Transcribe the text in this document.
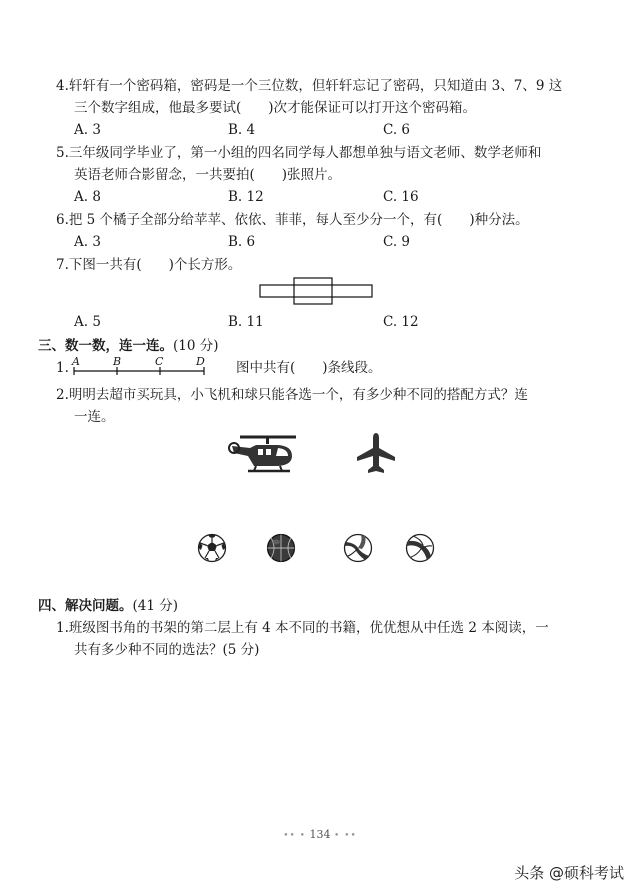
4.轩轩有一个密码箱，密码是一个三位数，但轩轩忘记了密码，只知道由 3、7、9 这
三个数字组成，他最多要试(　　)次才能保证可以打开这个密码箱。
A. 3	B. 4	C. 6
5.三年级同学毕业了，第一小组的四名同学每人都想单独与语文老师、数学老师和
英语老师合影留念，一共要拍(　　)张照片。
A. 8	B. 12	C. 16
6.把 5 个橘子全部分给苹苹、依依、菲菲，每人至少分一个，有(　　)种分法。
A. 3	B. 6	C. 9
7.下图一共有(　　)个长方形。
A. 5	B. 11	C. 12
三、数一数，连一连。(10 分)
1. A	B	C	D 图中共有(　　)条线段。
2.明明去超市买玩具，小飞机和球只能各选一个，有多少种不同的搭配方式？连
一连。
四、解决问题。(41 分)
1.班级图书角的书架的第二层上有 4 本不同的书籍，优优想从中任选 2 本阅读，一
共有多少种不同的选法？(5 分)
•• • 134 • ••
头条 @硕科考试
